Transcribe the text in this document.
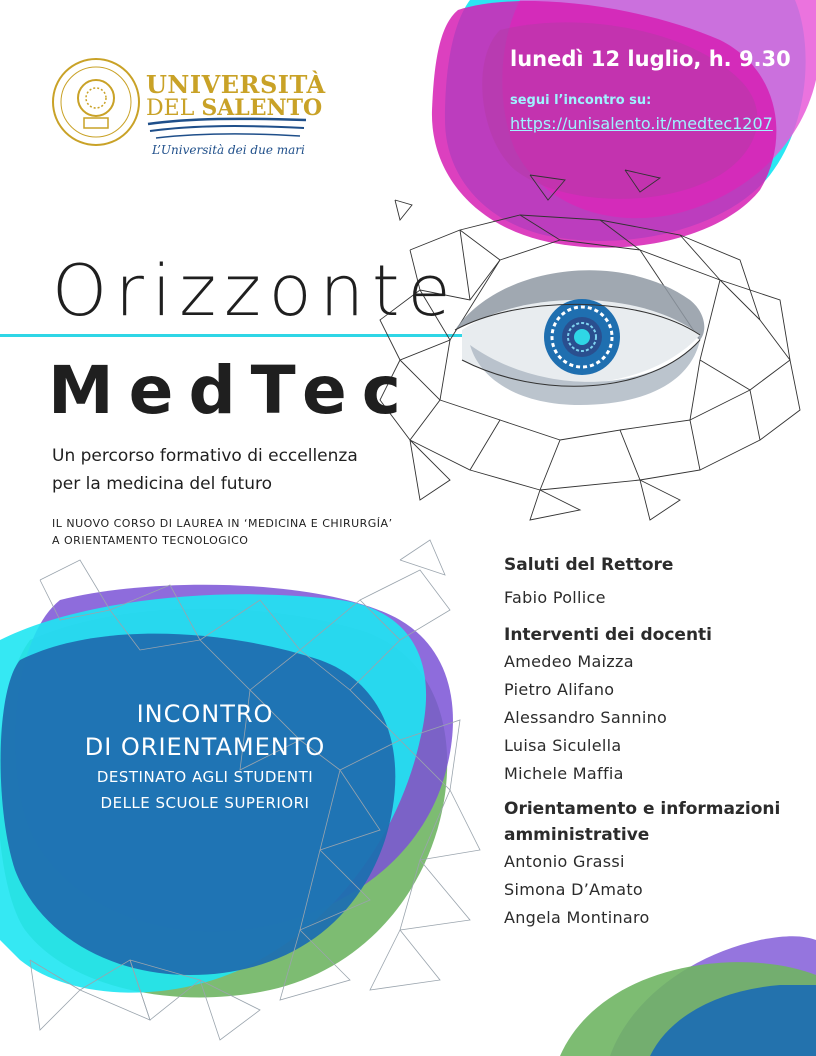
UNIVERSITÀ
DEL SALENTO
L’Università dei due mari
lunedì 12 luglio, h. 9.30
segui l’incontro su:
https://unisalento.it/medtec1207
Orizzonte
MedTec
Un percorso formativo di eccellenza
per la medicina del futuro
IL NUOVO CORSO DI LAUREA IN ‘MEDICINA E CHIRURGÍA’
A ORIENTAMENTO TECNOLOGICO
INCONTRO
DI ORIENTAMENTO
DESTINATO AGLI STUDENTI
DELLE SCUOLE SUPERIORI
Saluti del Rettore
Fabio Pollice
Interventi dei docenti
Amedeo Maizza
Pietro Alifano
Alessandro Sannino
Luisa Siculella
Michele Maffia
Orientamento e informazioni amministrative
Antonio Grassi
Simona D’Amato
Angela Montinaro
